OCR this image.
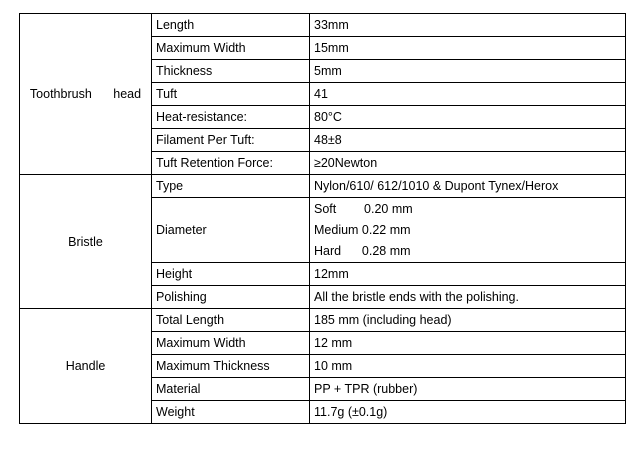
Toothbrush head	Length	33mm
	Maximum Width	15mm
	Thickness	5mm
	Tuft	41
	Heat-resistance:	80°C
	Filament Per Tuft:	48±8
	Tuft Retention Force:	≥20Newton
Bristle	Type	Nylon/610/ 612/1010 & Dupont Tynex/Herox
	Diameter	Soft        0.20 mm
Medium 0.22 mm
Hard      0.28 mm

	Height	12mm
	Polishing	All the bristle ends with the polishing.
Handle	Total Length	185 mm (including head)
	Maximum Width	12 mm
	Maximum Thickness	10 mm
	Material	PP + TPR (rubber)
	Weight	11.7g (±0.1g)
